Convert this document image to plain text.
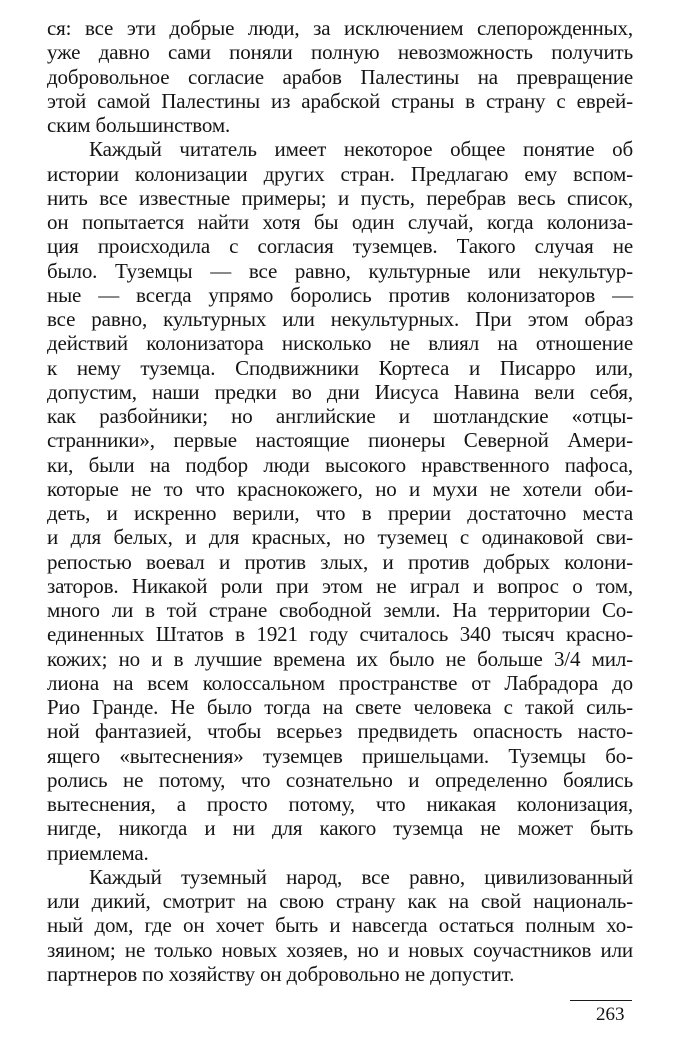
ся: все эти добрые люди, за исключением слепорожденных,
уже давно сами поняли полную невозможность получить
добровольное согласие арабов Палестины на превращение
этой самой Палестины из арабской страны в страну с еврей-
ским большинством.
Каждый читатель имеет некоторое общее понятие об
истории колонизации других стран. Предлагаю ему вспом-
нить все известные примеры; и пусть, перебрав весь список,
он попытается найти хотя бы один случай, когда колониза-
ция происходила с согласия туземцев. Такого случая не
было. Туземцы — все равно, культурные или некультур-
ные — всегда упрямо боролись против колонизаторов —
все равно, культурных или некультурных. При этом образ
действий колонизатора нисколько не влиял на отношение
к нему туземца. Сподвижники Кортеса и Писарро или,
допустим, наши предки во дни Иисуса Навина вели себя,
как разбойники; но английские и шотландские «отцы-
странники», первые настоящие пионеры Северной Амери-
ки, были на подбор люди высокого нравственного пафоса,
которые не то что краснокожего, но и мухи не хотели оби-
деть, и искренно верили, что в прерии достаточно места
и для белых, и для красных, но туземец с одинаковой сви-
репостью воевал и против злых, и против добрых колони-
заторов. Никакой роли при этом не играл и вопрос о том,
много ли в той стране свободной земли. На территории Со-
единенных Штатов в 1921 году считалось 340 тысяч красно-
кожих; но и в лучшие времена их было не больше 3/4 мил-
лиона на всем колоссальном пространстве от Лабрадора до
Рио Гранде. Не было тогда на свете человека с такой силь-
ной фантазией, чтобы всерьез предвидеть опасность насто-
ящего «вытеснения» туземцев пришельцами. Туземцы бо-
ролись не потому, что сознательно и определенно боялись
вытеснения, а просто потому, что никакая колонизация,
нигде, никогда и ни для какого туземца не может быть
приемлема.
Каждый туземный народ, все равно, цивилизованный
или дикий, смотрит на свою страну как на свой националь-
ный дом, где он хочет быть и навсегда остаться полным хо-
зяином; не только новых хозяев, но и новых соучастников или
партнеров по хозяйству он добровольно не допустит.
263
